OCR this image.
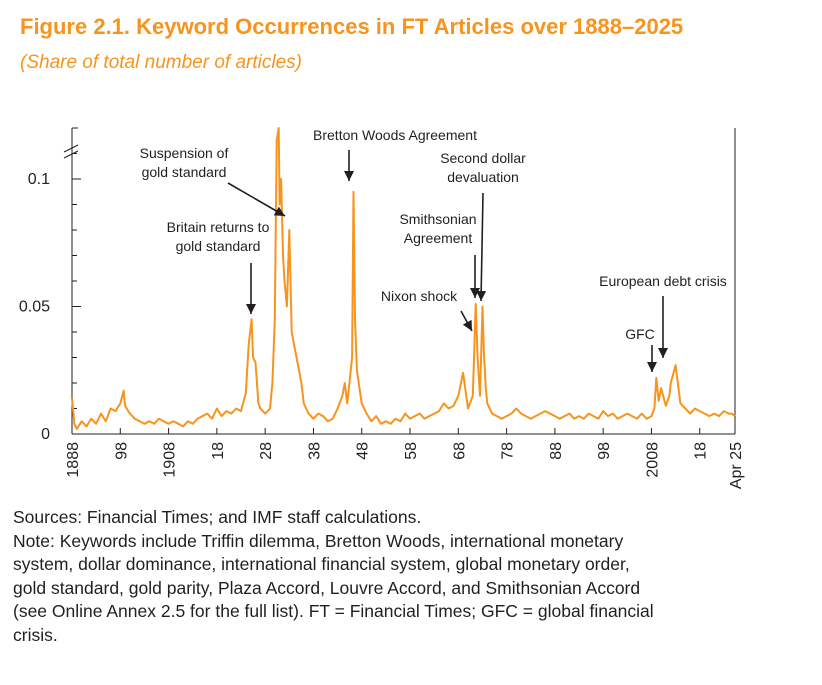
Figure 2.1. Keyword Occurrences in FT Articles over 1888–2025
(Share of total number of articles)
0
0.05
0.1
1888 98 1908 18 28 38 48 58 68 78 88 98 2008 18 Apr 25
Suspension of
gold standard
Britain returns to
gold standard
Bretton Woods Agreement
Second dollar
devaluation
Smithsonian
Agreement
Nixon shock
European debt crisis
GFC
Sources: Financial Times; and IMF staff calculations.
Note: Keywords include Triffin dilemma, Bretton Woods, international monetary
system, dollar dominance, international financial system, global monetary order,
gold standard, gold parity, Plaza Accord, Louvre Accord, and Smithsonian Accord
(see Online Annex 2.5 for the full list). FT = Financial Times; GFC = global financial
crisis.
